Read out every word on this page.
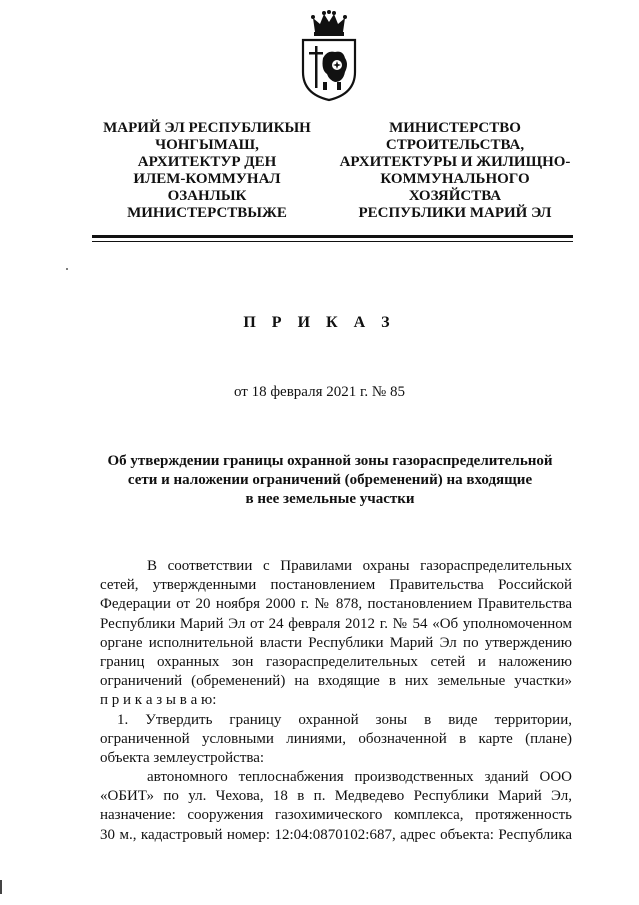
МАРИЙ ЭЛ РЕСПУБЛИКЫН
ЧОНГЫМАШ,
АРХИТЕКТУР ДЕН
ИЛЕМ-КОММУНАЛ
ОЗАНЛЫК
МИНИСТЕРСТВЫЖЕ
МИНИСТЕРСТВО
СТРОИТЕЛЬСТВА,
АРХИТЕКТУРЫ И ЖИЛИЩНО-
КОММУНАЛЬНОГО
ХОЗЯЙСТВА
РЕСПУБЛИКИ МАРИЙ ЭЛ
П Р И К А З
от 18 февраля 2021 г. № 85
Об утверждении границы охранной зоны газораспределительной
сети и наложении ограничений (обременений) на входящие
в нее земельные участки
В соответствии с Правилами охраны газораспределительных
сетей, утвержденными постановлением Правительства Российской
Федерации от 20 ноября 2000 г. № 878, постановлением Правительства
Республики Марий Эл от 24 февраля 2012 г. № 54 «Об уполномоченном
органе исполнительной власти Республики Марий Эл по утверждению
границ охранных зон газораспределительных сетей и наложению
ограничений (обременений) на входящие в них земельные участки»
п р и к а з ы в а ю:
1. Утвердить границу охранной зоны в виде территории,
ограниченной условными линиями, обозначенной в карте (плане)
объекта землеустройства:
автономного теплоснабжения производственных зданий ООО
«ОБИТ» по ул. Чехова, 18 в п. Медведево Республики Марий Эл,
назначение: сооружения газохимического комплекса, протяженность
30 м., кадастровый номер: 12:04:0870102:687, адрес объекта: Республика
